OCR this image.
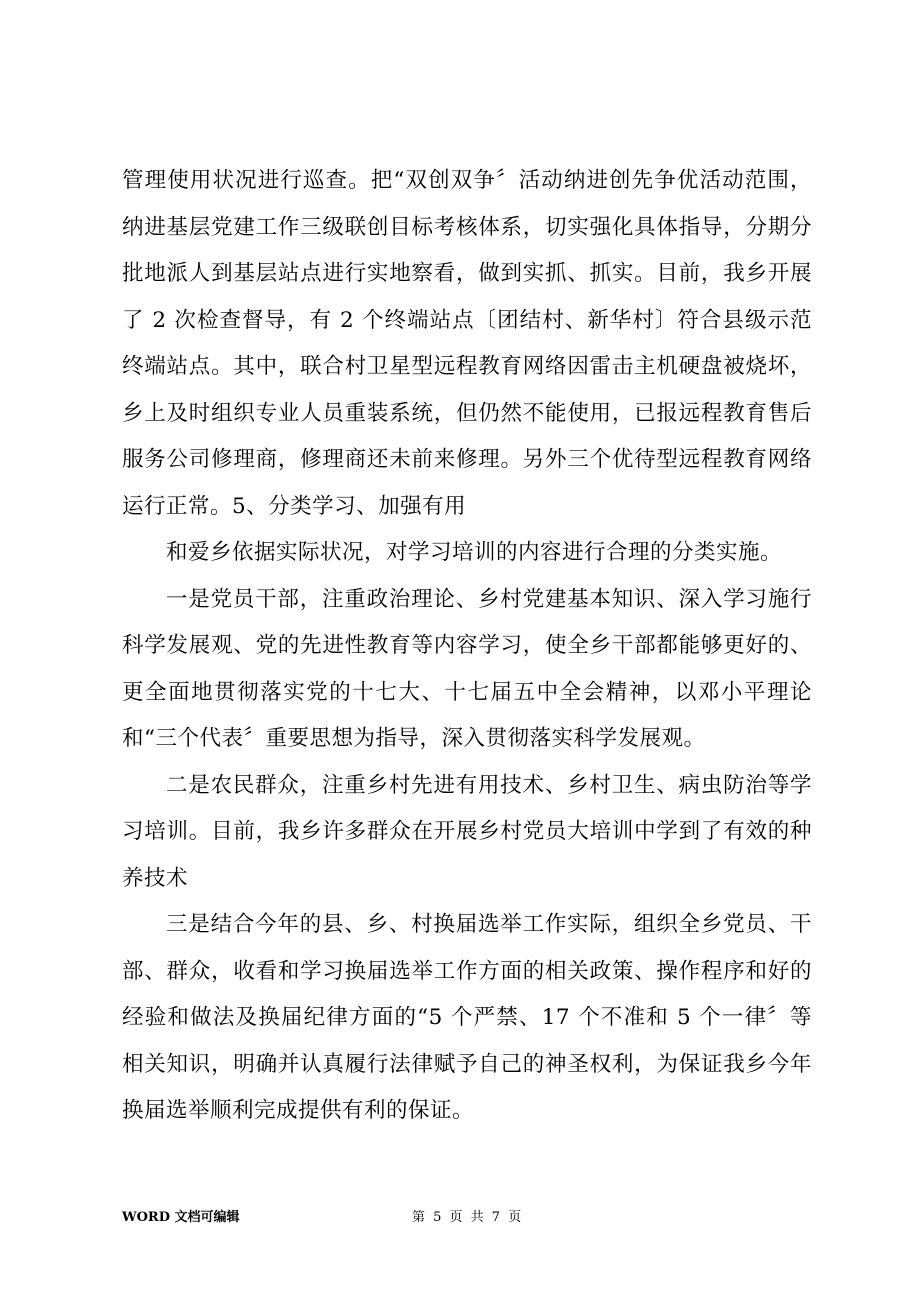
管理使用状况进行巡查。把“双创双争〞活动纳进创先争优活动范围，纳进基层党建工作三级联创目标考核体系，切实强化具体指导，分期分批地派人到基层站点进行实地察看，做到实抓、抓实。目前，我乡开展了 2 次检查督导，有 2 个终端站点〔团结村、新华村〕符合县级示范终端站点。其中，联合村卫星型远程教育网络因雷击主机硬盘被烧坏，乡上及时组织专业人员重装系统，但仍然不能使用，已报远程教育售后服务公司修理商，修理商还未前来修理。另外三个优待型远程教育网络运行正常。5、分类学习、加强有用

和爱乡依据实际状况，对学习培训的内容进行合理的分类实施。

一是党员干部，注重政治理论、乡村党建基本知识、深入学习施行科学发展观、党的先进性教育等内容学习，使全乡干部都能够更好的、更全面地贯彻落实党的十七大、十七届五中全会精神，以邓小平理论和“三个代表〞重要思想为指导，深入贯彻落实科学发展观。

二是农民群众，注重乡村先进有用技术、乡村卫生、病虫防治等学习培训。目前，我乡许多群众在开展乡村党员大培训中学到了有效的种养技术

三是结合今年的县、乡、村换届选举工作实际，组织全乡党员、干部、群众，收看和学习换届选举工作方面的相关政策、操作程序和好的经验和做法及换届纪律方面的“5 个严禁、17 个不准和 5 个一律〞等相关知识，明确并认真履行法律赋予自己的神圣权利，为保证我乡今年换届选举顺利完成提供有利的保证。

WORD 文档可编辑	第 5 页 共 7 页
